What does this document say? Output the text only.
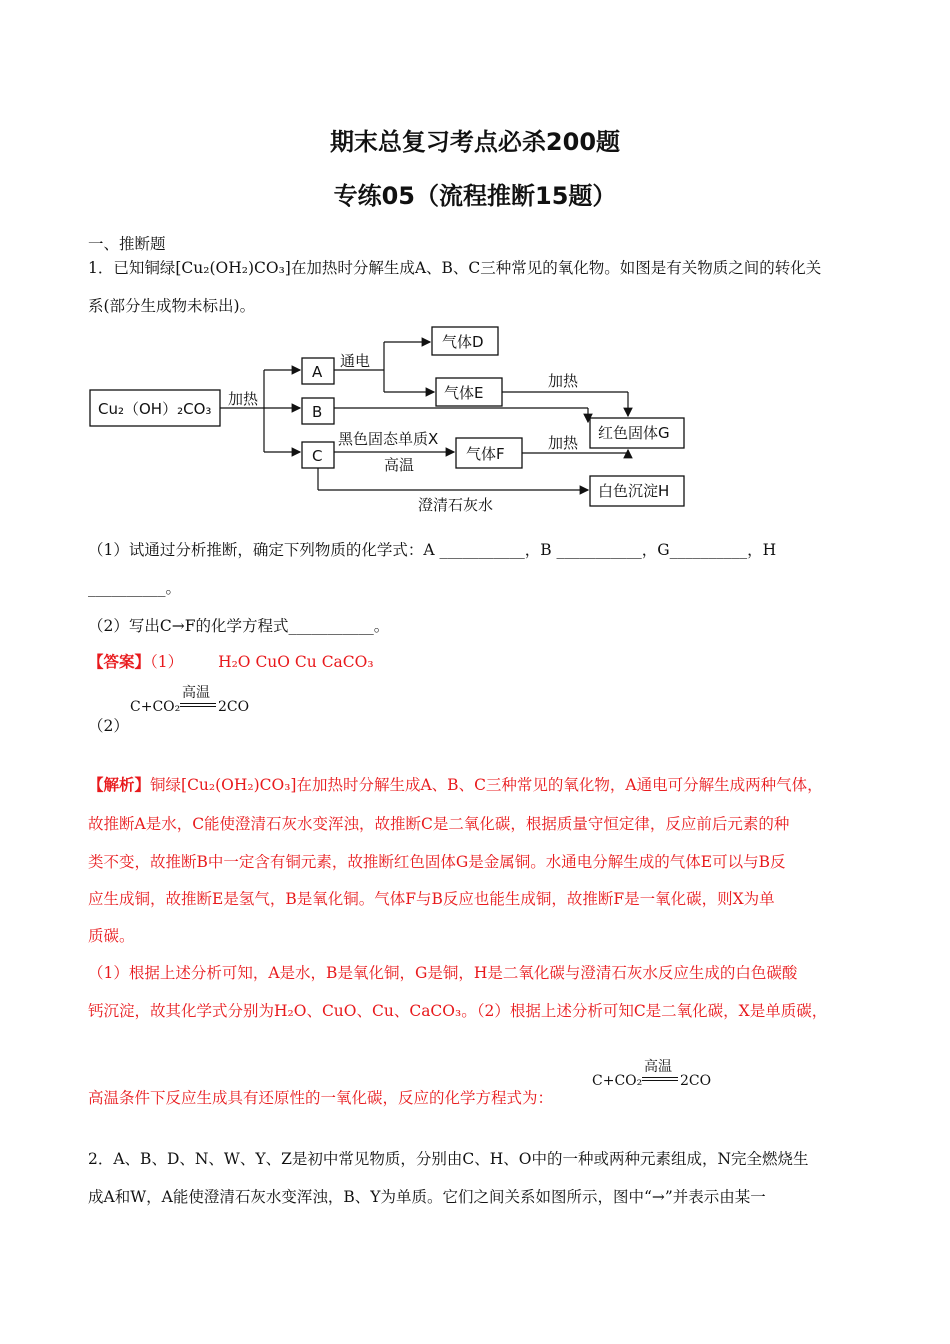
期末总复习考点必杀200题
专练05（流程推断15题）
一、推断题
1．已知铜绿[Cu₂(OH₂)CO₃]在加热时分解生成A、B、C三种常见的氧化物。如图是有关物质之间的转化关
系(部分生成物未标出)。
Cu₂（OH）₂CO₃
加热
A
B
C
通电
气体D
气体E
加热
红色固体G
黑色固态单质X
高温
气体F
加热
澄清石灰水
白色沉淀H
（1）试通过分析推断，确定下列物质的化学式：A ___________，B ___________，G__________，H
__________。
（2）写出C→F的化学方程式___________。
【答案】（1） H₂O CuO Cu CaCO₃
（2）
C+CO₂
高温
2CO
【解析】铜绿[Cu₂(OH₂)CO₃]在加热时分解生成A、B、C三种常见的氧化物，A通电可分解生成两种气体，
故推断A是水，C能使澄清石灰水变浑浊，故推断C是二氧化碳，根据质量守恒定律，反应前后元素的种
类不变，故推断B中一定含有铜元素，故推断红色固体G是金属铜。水通电分解生成的气体E可以与B反
应生成铜，故推断E是氢气，B是氧化铜。气体F与B反应也能生成铜，故推断F是一氧化碳，则X为单
质碳。
（1）根据上述分析可知，A是水，B是氧化铜，G是铜，H是二氧化碳与澄清石灰水反应生成的白色碳酸
钙沉淀，故其化学式分别为H₂O、CuO、Cu、CaCO₃。（2）根据上述分析可知C是二氧化碳，X是单质碳，
高温条件下反应生成具有还原性的一氧化碳，反应的化学方程式为：
C+CO₂
高温
2CO
2．A、B、D、N、W、Y、Z是初中常见物质，分别由C、H、O中的一种或两种元素组成，N完全燃烧生
成A和W，A能使澄清石灰水变浑浊，B、Y为单质。它们之间关系如图所示，图中“→”并表示由某一
